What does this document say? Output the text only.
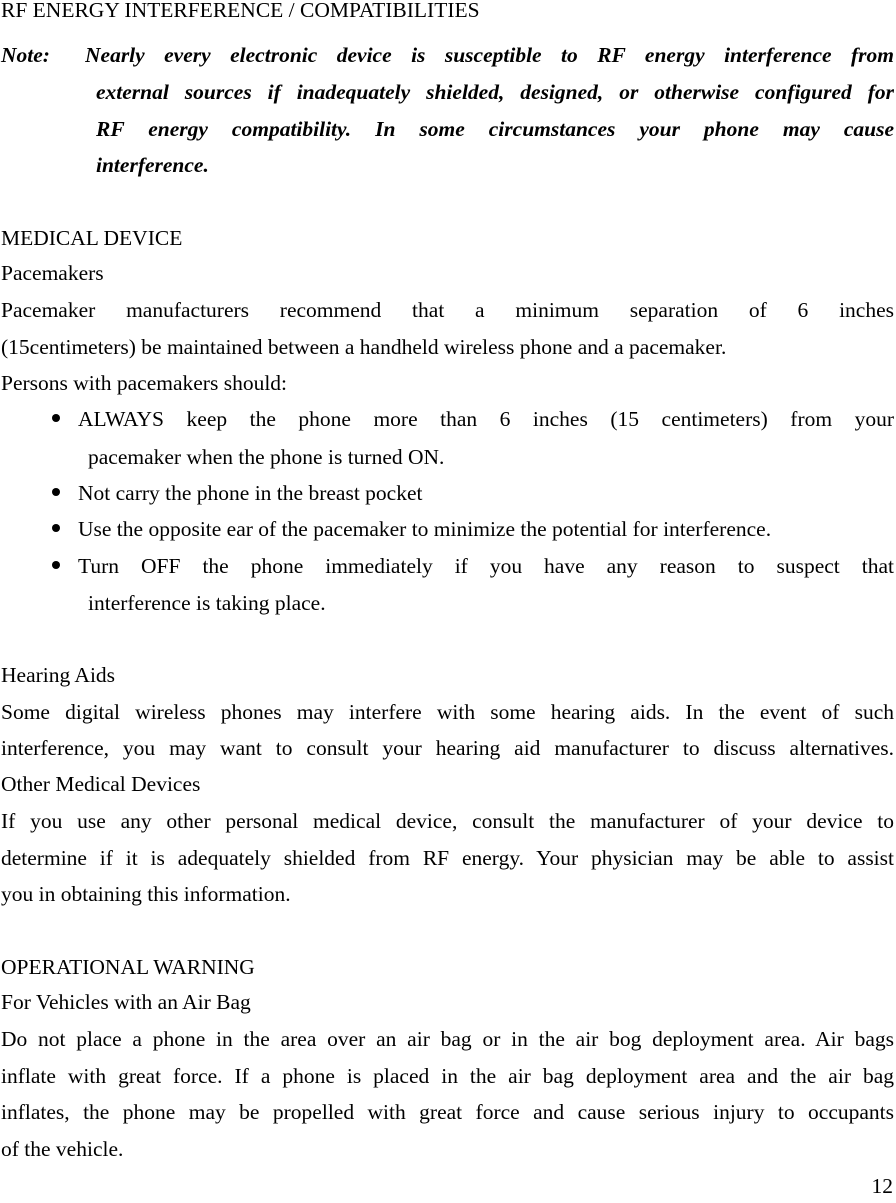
RF ENERGY INTERFERENCE / COMPATIBILITIES
Note: Nearly every electronic device is susceptible to RF energy interference from
external sources if inadequately shielded, designed, or otherwise configured for
RF energy compatibility. In some circumstances your phone may cause
interference.
MEDICAL DEVICE
Pacemakers
Pacemaker manufacturers recommend that a minimum separation of 6 inches
(15centimeters) be maintained between a handheld wireless phone and a pacemaker.
Persons with pacemakers should:
ALWAYS keep the phone more than 6 inches (15 centimeters) from your
pacemaker when the phone is turned ON.
Not carry the phone in the breast pocket
Use the opposite ear of the pacemaker to minimize the potential for interference.
Turn OFF the phone immediately if you have any reason to suspect that
interference is taking place.
Hearing Aids
Some digital wireless phones may interfere with some hearing aids. In the event of such
interference, you may want to consult your hearing aid manufacturer to discuss alternatives.
Other Medical Devices
If you use any other personal medical device, consult the manufacturer of your device to
determine if it is adequately shielded from RF energy. Your physician may be able to assist
you in obtaining this information.
OPERATIONAL WARNING
For Vehicles with an Air Bag
Do not place a phone in the area over an air bag or in the air bog deployment area. Air bags
inflate with great force. If a phone is placed in the air bag deployment area and the air bag
inflates, the phone may be propelled with great force and cause serious injury to occupants
of the vehicle.
12
